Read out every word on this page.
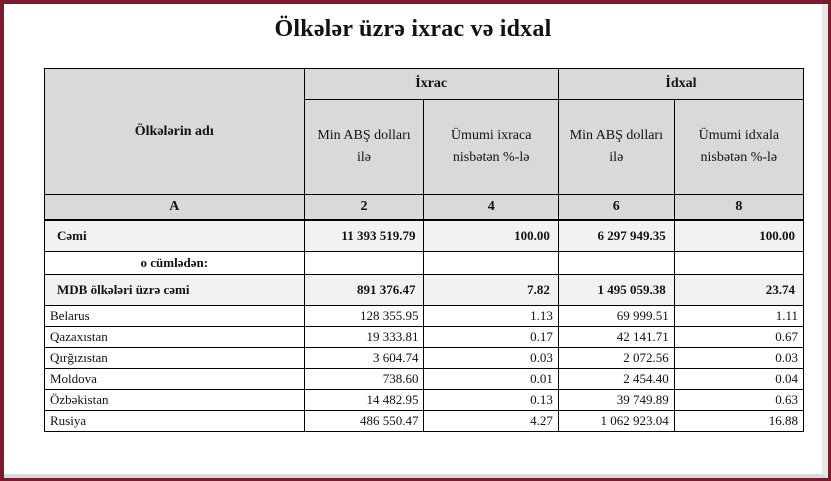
Ölkələr üzrə ixrac və idxal
Ölkələrin adı	İxrac		İdxal	
	Min ABŞ dolları ilə	Ümumi ixraca nisbətən %-lə	Min ABŞ dolları ilə	Ümumi idxala nisbətən %-lə
A	2	4	6	8
Cəmi	11 393 519.79	100.00	6 297 949.35	100.00
o cümlədən:				
MDB ölkələri üzrə cəmi	891 376.47	7.82	1 495 059.38	23.74
Belarus	128 355.95	1.13	69 999.51	1.11
Qazaxıstan	19 333.81	0.17	42 141.71	0.67
Qırğızıstan	3 604.74	0.03	2 072.56	0.03
Moldova	738.60	0.01	2 454.40	0.04
Özbəkistan	14 482.95	0.13	39 749.89	0.63
Rusiya	486 550.47	4.27	1 062 923.04	16.88
